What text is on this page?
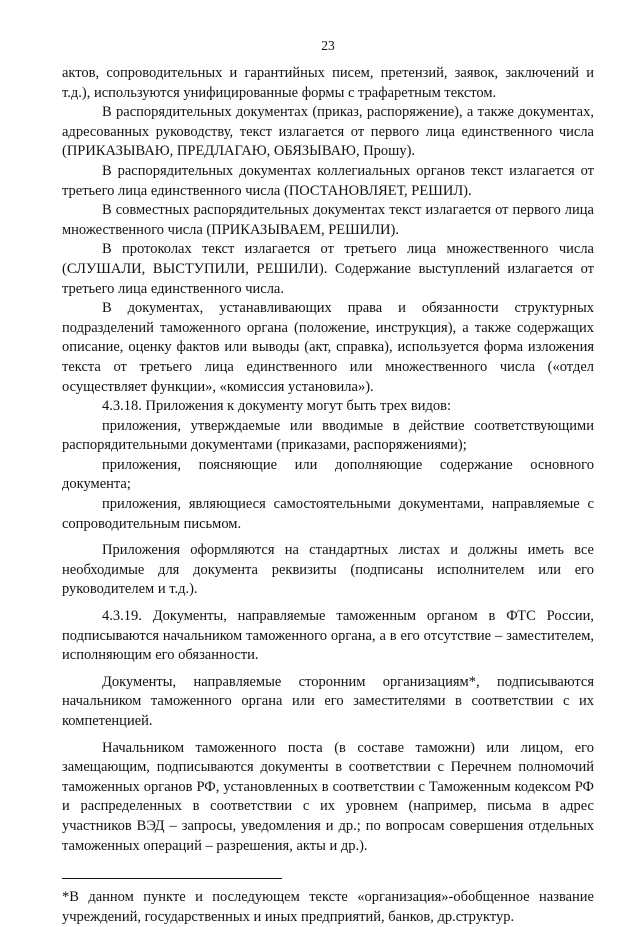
23

актов, сопроводительных и гарантийных писем, претензий, заявок, заключений и т.д.), используются унифицированные формы с трафаретным текстом.

В распорядительных документах (приказ, распоряжение), а также документах, адресованных руководству, текст излагается от первого лица единственного числа (ПРИКАЗЫВАЮ, ПРЕДЛАГАЮ, ОБЯЗЫВАЮ, Прошу).

В распорядительных документах коллегиальных органов текст излагается от третьего лица единственного числа (ПОСТАНОВЛЯЕТ, РЕШИЛ).

В совместных распорядительных документах текст излагается от первого лица множественного числа (ПРИКАЗЫВАЕМ, РЕШИЛИ).

В протоколах текст излагается от третьего лица множественного числа (СЛУШАЛИ, ВЫСТУПИЛИ, РЕШИЛИ). Содержание выступлений излагается от третьего лица единственного числа.

В документах, устанавливающих права и обязанности структурных подразделений таможенного органа (положение, инструкция), а также содержащих описание, оценку фактов или выводы (акт, справка), используется форма изложения текста от третьего лица единственного или множественного числа («отдел осуществляет функции», «комиссия установила»).

4.3.18. Приложения к документу могут быть трех видов:

приложения, утверждаемые или вводимые в действие соответствующими распорядительными документами (приказами, распоряжениями);

приложения, поясняющие или дополняющие содержание основного документа;

приложения, являющиеся самостоятельными документами, направляемые с сопроводительным письмом.

Приложения оформляются на стандартных листах и должны иметь все необходимые для документа реквизиты (подписаны исполнителем или его руководителем и т.д.).

4.3.19. Документы, направляемые таможенным органом в ФТС России, подписываются начальником таможенного органа, а в его отсутствие – заместителем, исполняющим его обязанности.

Документы, направляемые сторонним организациям*, подписываются начальником таможенного органа или его заместителями в соответствии с их компетенцией.

Начальником таможенного поста (в составе таможни) или лицом, его замещающим, подписываются документы в соответствии с Перечнем полномочий таможенных органов РФ, установленных в соответствии с Таможенным кодексом РФ и распределенных в соответствии с их уровнем (например, письма в адрес участников ВЭД – запросы, уведомления и др.; по вопросам совершения отдельных таможенных операций – разрешения, акты и др.).

*В данном пункте и последующем тексте «организация»-обобщенное название учреждений, государственных и иных предприятий, банков, др.структур.
